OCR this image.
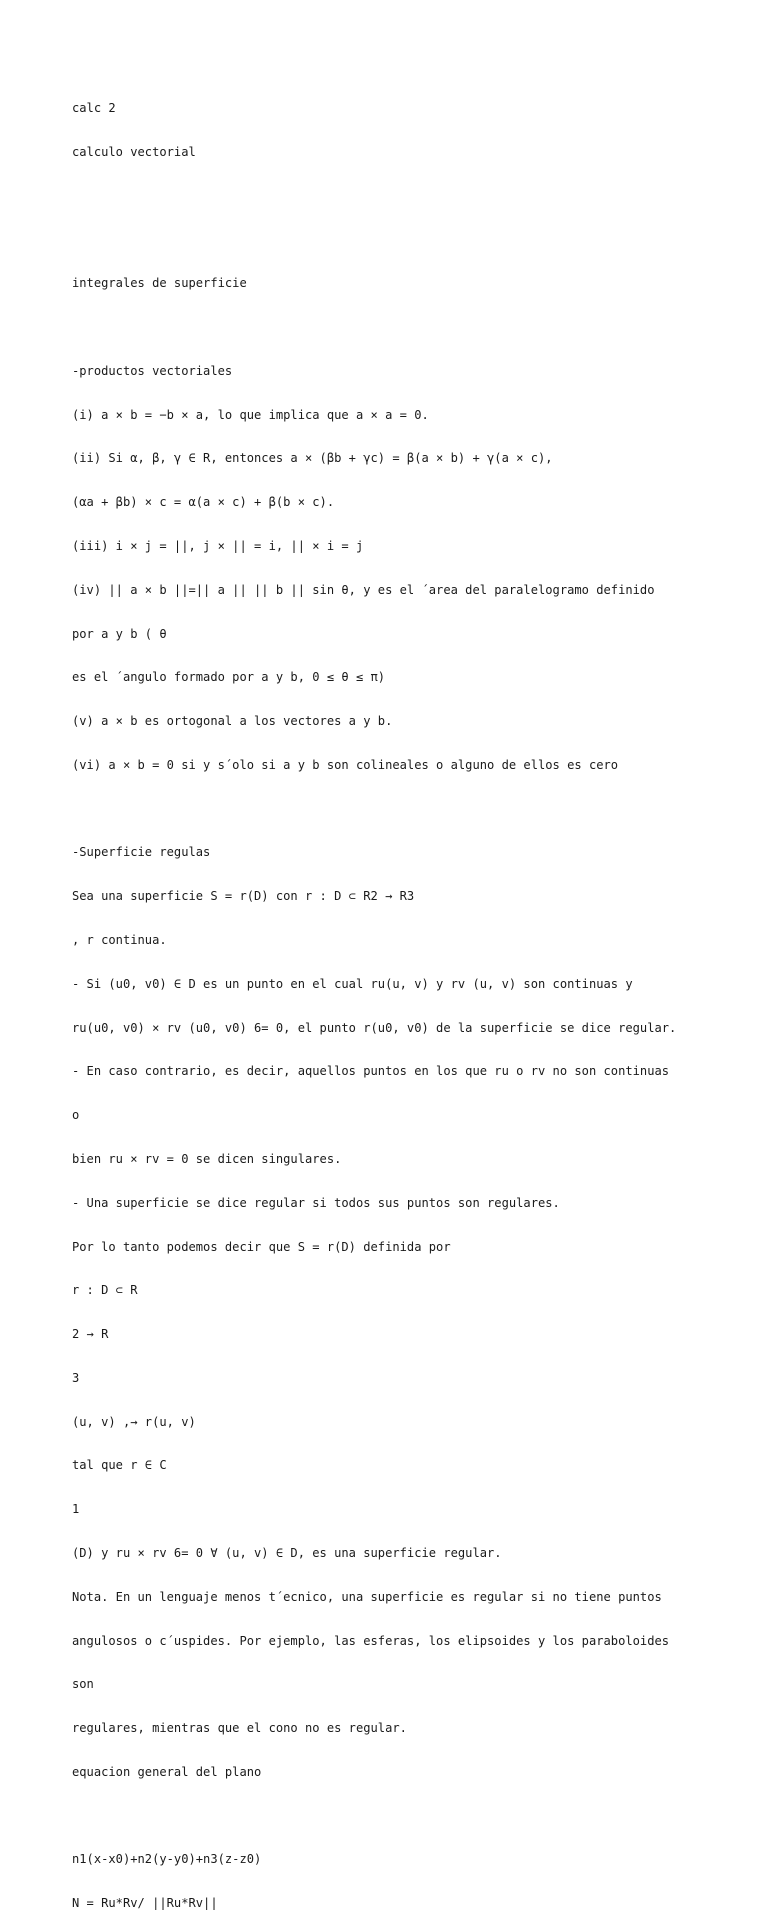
calc 2

calculo vectorial

integrales de superficie

-productos vectoriales

(i) a × b = −b × a, lo que implica que a × a = 0.

(ii) Si α, β, γ ∈ R, entonces a × (βb + γc) = β(a × b) + γ(a × c),

(αa + βb) × c = α(a × c) + β(b × c).

(iii) i × j = ||, j × || = i, || × i = j

(iv) || a × b ||=|| a || || b || sin θ, y es el ´area del paralelogramo definido

por a y b ( θ

es el ´angulo formado por a y b, 0 ≤ θ ≤ π)

(v) a × b es ortogonal a los vectores a y b.

(vi) a × b = 0 si y s´olo si a y b son colineales o alguno de ellos es cero

-Superficie regulas

Sea una superficie S = r(D) con r : D ⊂ R2 → R3

, r continua.

- Si (u0, v0) ∈ D es un punto en el cual ru(u, v) y rv (u, v) son continuas y

ru(u0, v0) × rv (u0, v0) 6= 0, el punto r(u0, v0) de la superficie se dice regular.

- En caso contrario, es decir, aquellos puntos en los que ru o rv no son continuas

o

bien ru × rv = 0 se dicen singulares.

- Una superficie se dice regular si todos sus puntos son regulares.

Por lo tanto podemos decir que S = r(D) definida por

r : D ⊂ R

2 → R

3

(u, v) ,→ r(u, v)

tal que r ∈ C

1

(D) y ru × rv 6= 0 ∀ (u, v) ∈ D, es una superficie regular.

Nota. En un lenguaje menos t´ecnico, una superficie es regular si no tiene puntos

angulosos o c´uspides. Por ejemplo, las esferas, los elipsoides y los paraboloides

son

regulares, mientras que el cono no es regular.

equacion general del plano

n1(x-x0)+n2(y-y0)+n3(z-z0)

N = Ru*Rv/ ||Ru*Rv||
